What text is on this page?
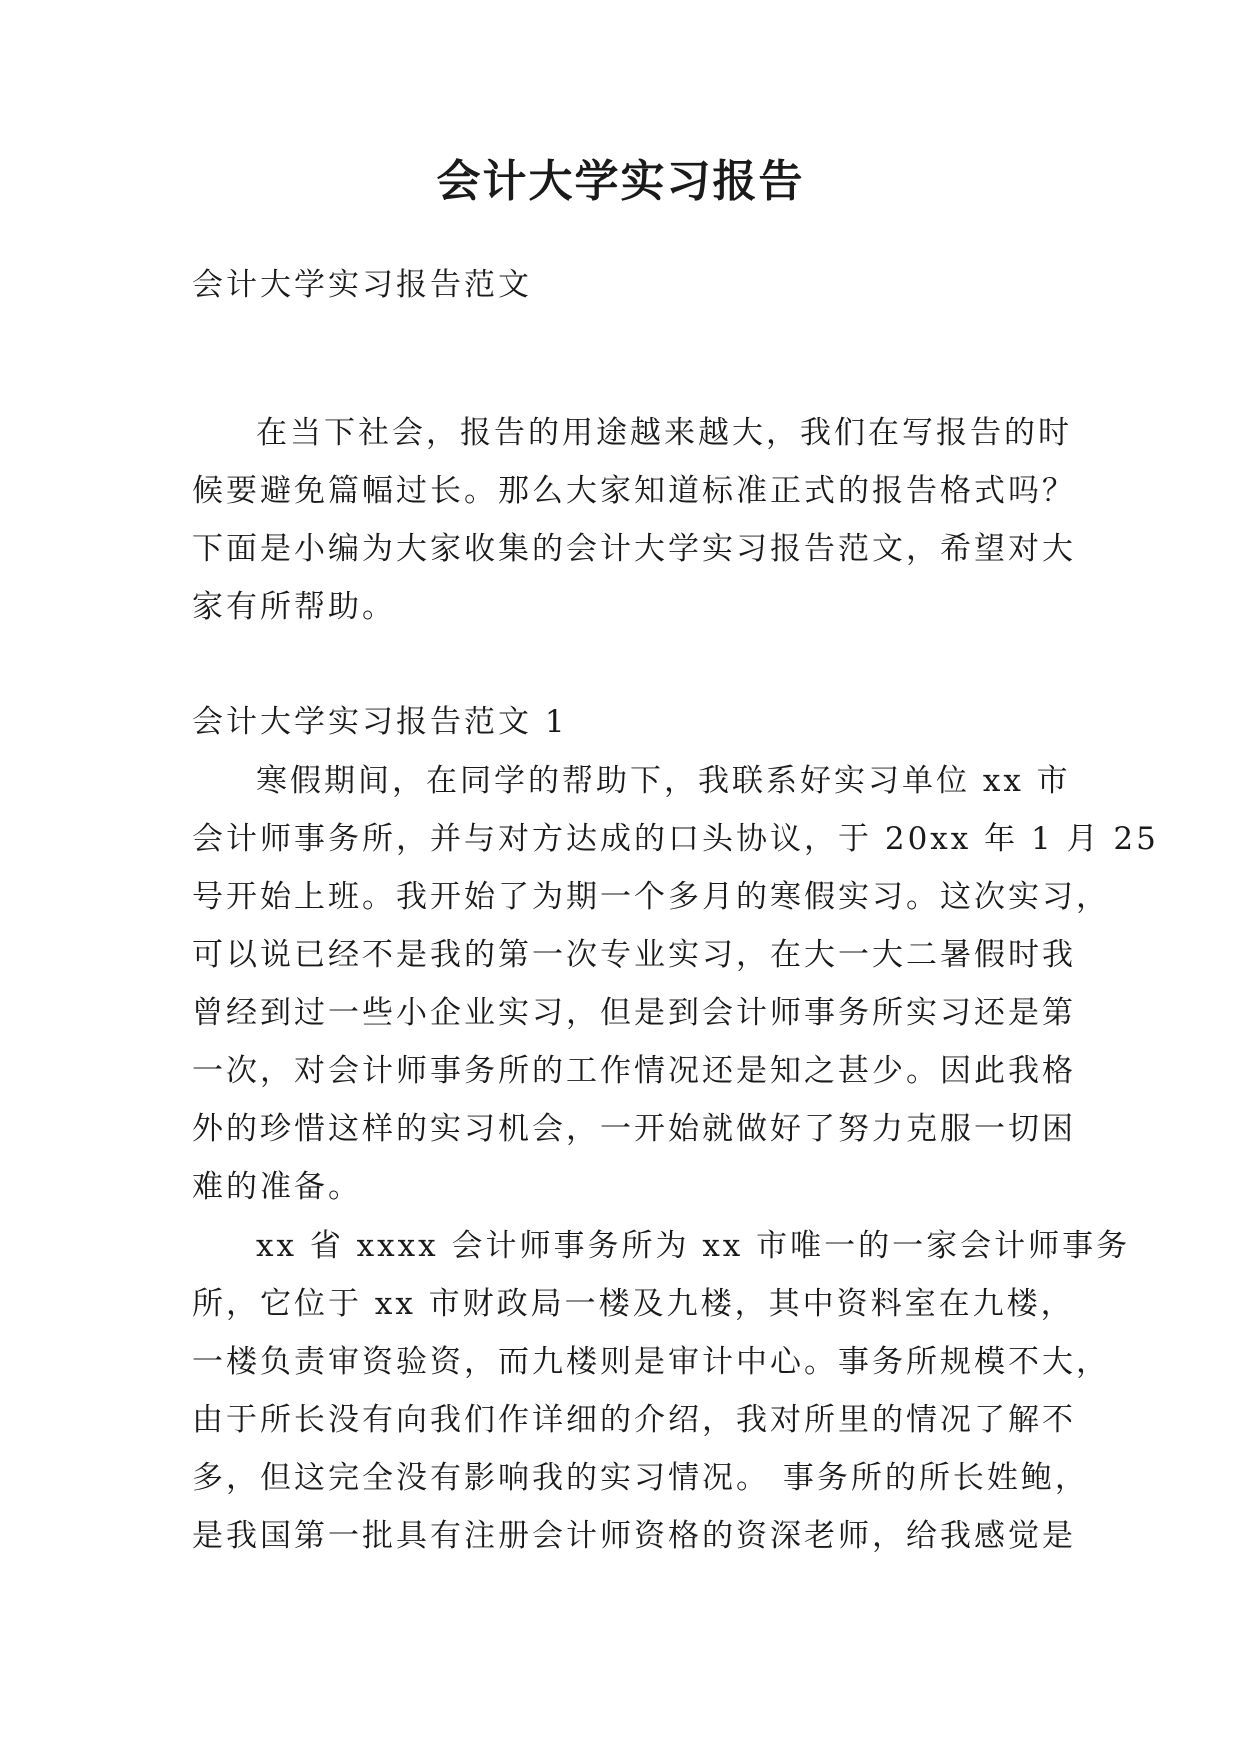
会计大学实习报告

会计大学实习报告范文

在当下社会，报告的用途越来越大，我们在写报告的时
候要避免篇幅过长。那么大家知道标准正式的报告格式吗？
下面是小编为大家收集的会计大学实习报告范文，希望对大
家有所帮助。

会计大学实习报告范文 1

寒假期间，在同学的帮助下，我联系好实习单位 xx 市
会计师事务所，并与对方达成的口头协议，于 20xx 年 1 月 25
号开始上班。我开始了为期一个多月的寒假实习。这次实习，
可以说已经不是我的第一次专业实习，在大一大二暑假时我
曾经到过一些小企业实习，但是到会计师事务所实习还是第
一次，对会计师事务所的工作情况还是知之甚少。因此我格
外的珍惜这样的实习机会，一开始就做好了努力克服一切困
难的准备。
xx 省 xxxx 会计师事务所为 xx 市唯一的一家会计师事务
所，它位于 xx 市财政局一楼及九楼，其中资料室在九楼，
一楼负责审资验资，而九楼则是审计中心。事务所规模不大，
由于所长没有向我们作详细的介绍，我对所里的情况了解不
多，但这完全没有影响我的实习情况。 事务所的所长姓鲍，
是我国第一批具有注册会计师资格的资深老师，给我感觉是
